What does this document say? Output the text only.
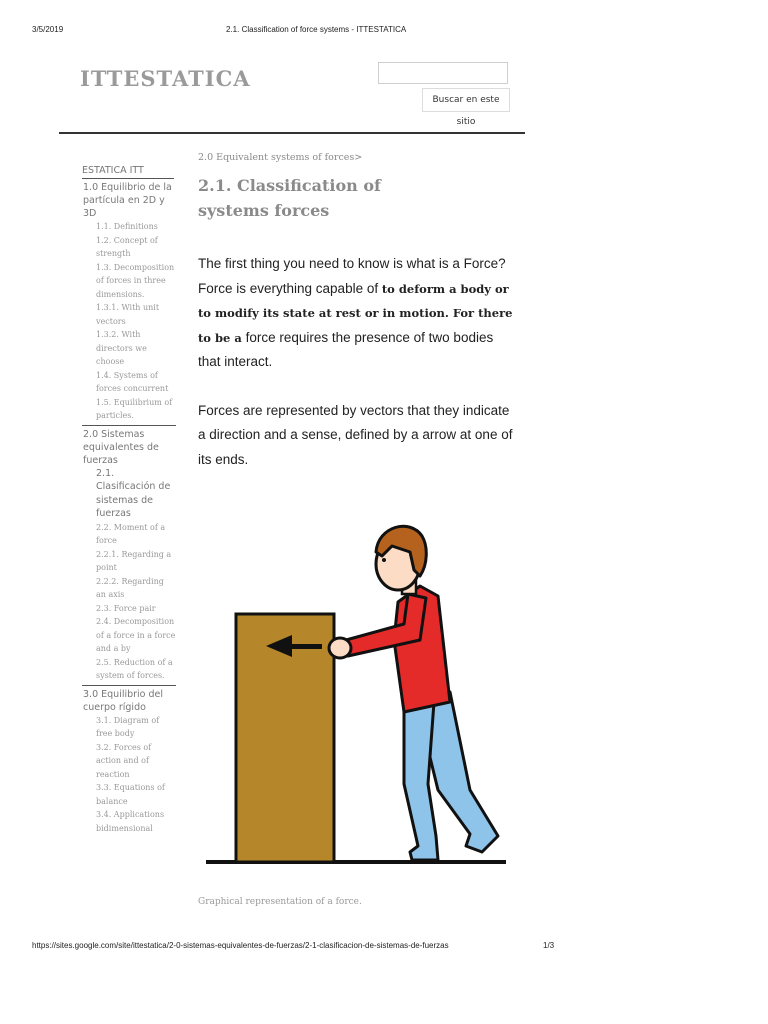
3/5/2019	2.1. Classification of force systems - ITTESTATICA
ITTESTATICA
Buscar en este sitio
ESTATICA ITT
1.0 Equilibrio de la partícula en 2D y 3D
1.1. Definitions
1.2. Concept of strength
1.3. Decomposition of forces in three dimensions.
1.3.1. With unit vectors
1.3.2. With directors we choose
1.4. Systems of forces concurrent
1.5. Equilibrium of particles.
2.0 Sistemas equivalentes de fuerzas
2.1. Clasificación de sistemas de fuerzas
2.2. Moment of a force
2.2.1. Regarding a point
2.2.2. Regarding an axis
2.3. Force pair
2.4. Decomposition of a force in a force and a by
2.5. Reduction of a system of forces.
3.0 Equilibrio del cuerpo rígido
3.1. Diagram of free body
3.2. Forces of action and of reaction
3.3. Equations of balance
3.4. Applications bidimensional
2.0 Equivalent systems of forces>
2.1. Classification of systems forces

The first thing you need to know is what is a Force? Force is everything capable of to deform a body or to modify its state at rest or in motion. For there to be a force requires the presence of two bodies that interact.

Forces are represented by vectors that they indicate a direction and a sense, defined by a arrow at one of its ends.

Graphical representation of a force.
https://sites.google.com/site/ittestatica/2-0-sistemas-equivalentes-de-fuerzas/2-1-clasificacion-de-sistemas-de-fuerzas	1/3
